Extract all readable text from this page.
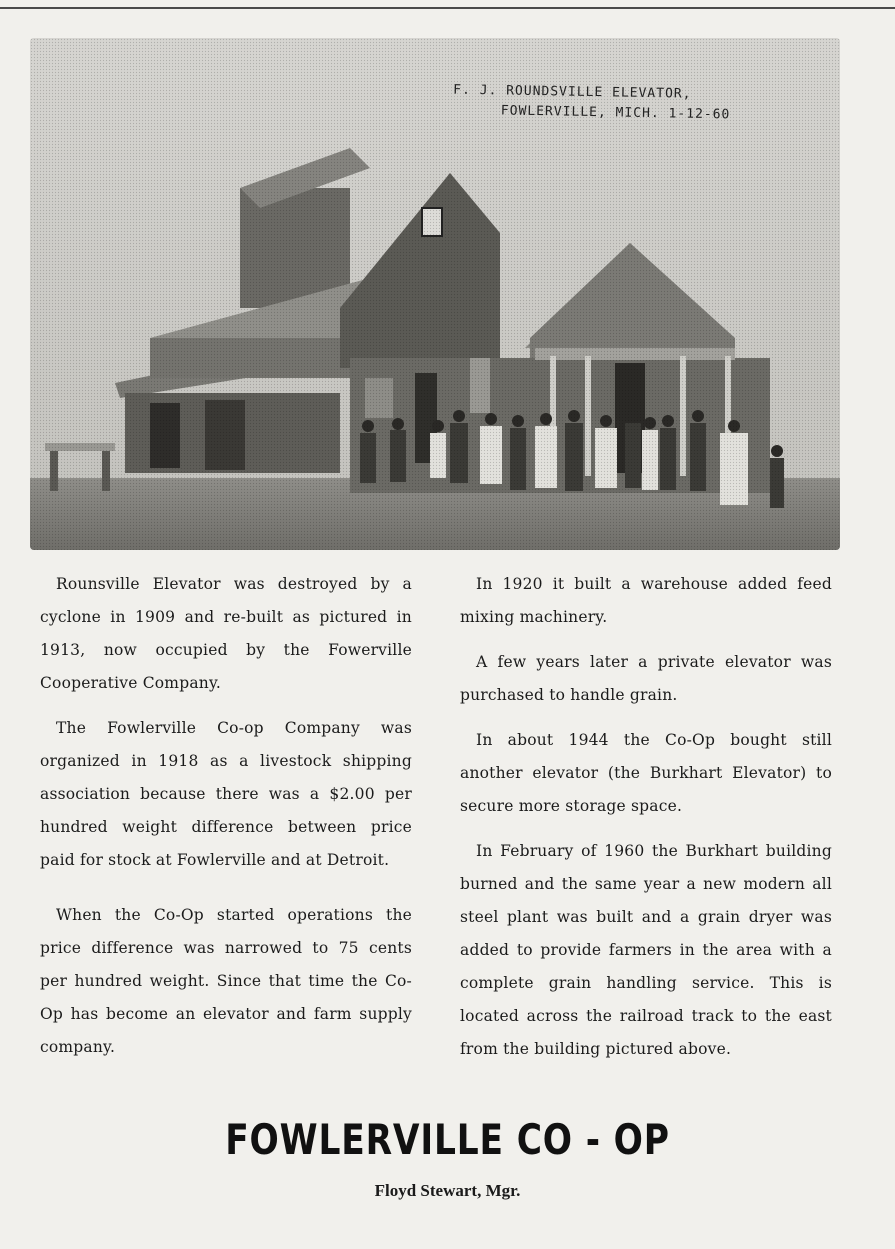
F. J. ROUNDSVILLE ELEVATOR,
FOWLERVILLE, MICH. 1-12-60

Rounsville Elevator was destroyed by a cyclone in 1909 and re-built as pictured in 1913, now occupied by the Fowerville Cooperative Company.

The Fowlerville Co-op Company was organized in 1918 as a livestock shipping association because there was a $2.00 per hundred weight difference between price paid for stock at Fowlerville and at Detroit.

When the Co-Op started operations the price difference was narrowed to 75 cents per hundred weight. Since that time the Co-Op has become an elevator and farm supply company.

In 1920 it built a warehouse added feed mixing machinery.

A few years later a private elevator was purchased to handle grain.

In about 1944 the Co-Op bought still another elevator (the Burkhart Elevator) to secure more storage space.

In February of 1960 the Burkhart building burned and the same year a new modern all steel plant was built and a grain dryer was added to provide farmers in the area with a complete grain handling service. This is located across the railroad track to the east from the building pictured above.

FOWLERVILLE CO - OP
Floyd Stewart, Mgr.
